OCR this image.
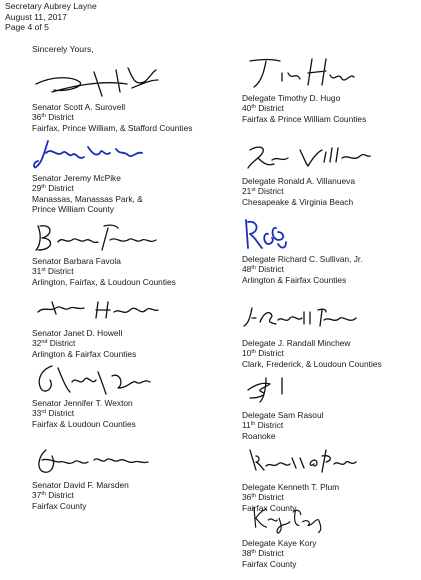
Secretary Aubrey Layne
August 11, 2017
Page 4 of 5
Sincerely Yours,
Senator Scott A. Surovell
36th District
Fairfax, Prince William, & Stafford Counties
Senator Jeremy McPike
29th District
Manassas, Manassas Park, &
Prince William County
Senator Barbara Favola
31st District
Arlington, Fairfax, & Loudoun Counties
Senator Janet D. Howell
32nd District
Arlington & Fairfax Counties
Senator Jennifer T. Wexton
33rd District
Fairfax & Loudoun Counties
Senator David F. Marsden
37th District
Fairfax County
Delegate Timothy D. Hugo
40th District
Fairfax & Prince William Counties
Delegate Ronald A. Villanueva
21st District
Chesapeake & Virginia Beach
Delegate Richard C. Sullivan, Jr.
48th District
Arlington & Fairfax Counties
Delegate J. Randall Minchew
10th District
Clark, Frederick, & Loudoun Counties
Delegate Sam Rasoul
11th District
Roanoke
Delegate Kenneth T. Plum
36th District
Fairfax County
Delegate Kaye Kory
38th District
Fairfax County
